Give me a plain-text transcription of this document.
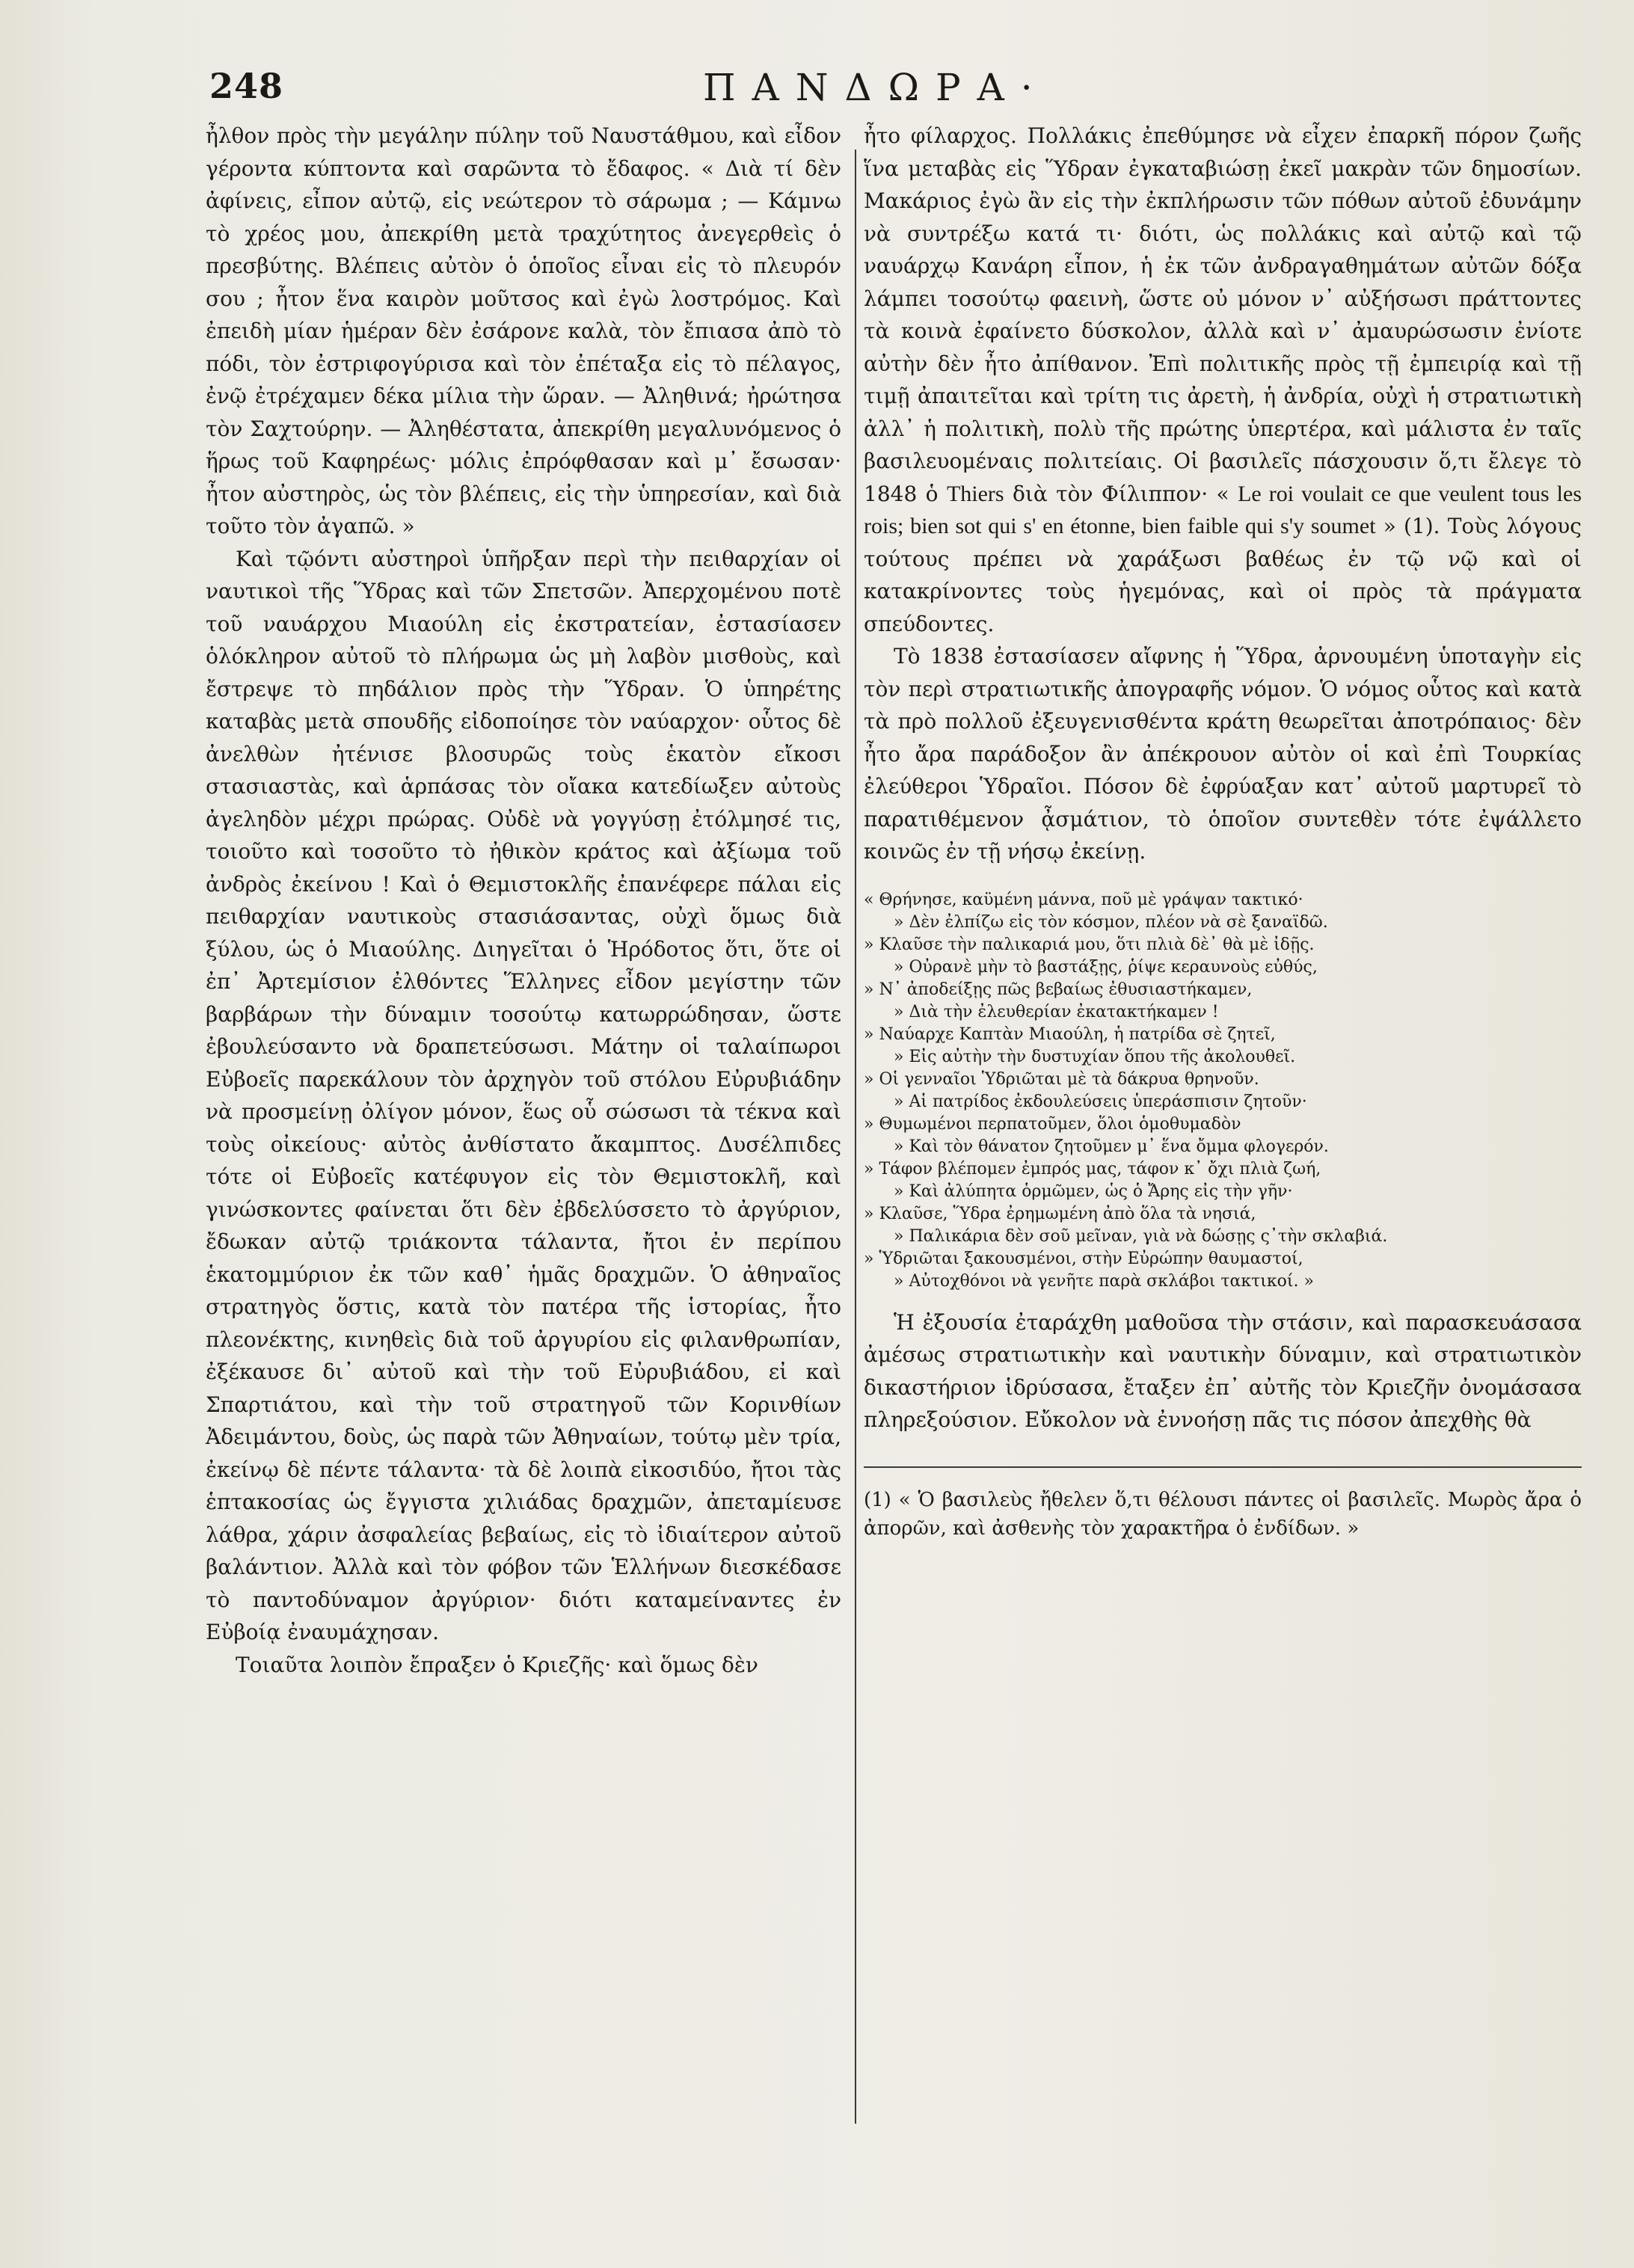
248	ΠΑΝΔΩΡΑ·

ἦλθον πρὸς τὴν μεγάλην πύλην τοῦ Ναυστάθμου, καὶ εἶδον γέροντα κύπτοντα καὶ σαρῶντα τὸ ἔδαφος. « Διὰ τί δὲν ἀφίνεις, εἶπον αὐτῷ, εἰς νεώτερον τὸ σάρωμα ; — Κάμνω τὸ χρέος μου, ἀπεκρίθη μετὰ τραχύτητος ἀνεγερθεὶς ὁ πρεσβύτης. Βλέπεις αὐτὸν ὁ ὁποῖος εἶναι εἰς τὸ πλευρόν σου ; ἦτον ἕνα καιρὸν μοῦτσος καὶ ἐγὼ λοστρόμος. Καὶ ἐπειδὴ μίαν ἡμέραν δὲν ἐσάρονε καλὰ, τὸν ἔπιασα ἀπὸ τὸ πόδι, τὸν ἐστριφογύρισα καὶ τὸν ἐπέταξα εἰς τὸ πέλαγος, ἐνῷ ἐτρέχαμεν δέκα μίλια τὴν ὥραν. — Ἀληθινά; ἠρώτησα τὸν Σαχτούρην. — Ἀληθέστατα, ἀπεκρίθη μεγαλυνόμενος ὁ ἥρως τοῦ Καφηρέως· μόλις ἐπρόφθασαν καὶ μ᾽ ἔσωσαν· ἦτον αὐστηρὸς, ὡς τὸν βλέπεις, εἰς τὴν ὑπηρεσίαν, καὶ διὰ τοῦτο τὸν ἀγαπῶ. »

Καὶ τῷόντι αὐστηροὶ ὑπῆρξαν περὶ τὴν πειθαρχίαν οἱ ναυτικοὶ τῆς Ὕδρας καὶ τῶν Σπετσῶν. Ἀπερχομένου ποτὲ τοῦ ναυάρχου Μιαούλη εἰς ἐκστρατείαν, ἐστασίασεν ὁλόκληρον αὐτοῦ τὸ πλήρωμα ὡς μὴ λαβὸν μισθοὺς, καὶ ἔστρεψε τὸ πηδάλιον πρὸς τὴν Ὕδραν. Ὁ ὑπηρέτης καταβὰς μετὰ σπουδῆς εἰδοποίησε τὸν ναύαρχον· οὗτος δὲ ἀνελθὼν ἠτένισε βλοσυρῶς τοὺς ἑκατὸν εἴκοσι στασιαστὰς, καὶ ἁρπάσας τὸν οἴακα κατεδίωξεν αὐτοὺς ἀγεληδὸν μέχρι πρώρας. Οὐδὲ νὰ γογγύσῃ ἐτόλμησέ τις, τοιοῦτο καὶ τοσοῦτο τὸ ἠθικὸν κράτος καὶ ἀξίωμα τοῦ ἀνδρὸς ἐκείνου ! Καὶ ὁ Θεμιστοκλῆς ἐπανέφερε πάλαι εἰς πειθαρχίαν ναυτικοὺς στασιάσαντας, οὐχὶ ὅμως διὰ ξύλου, ὡς ὁ Μιαούλης. Διηγεῖται ὁ Ἡρόδοτος ὅτι, ὅτε οἱ ἐπ᾽ Ἀρτεμίσιον ἐλθόντες Ἕλληνες εἶδον μεγίστην τῶν βαρβάρων τὴν δύναμιν τοσούτῳ κατωρρώδησαν, ὥστε ἐβουλεύσαντο νὰ δραπετεύσωσι. Μάτην οἱ ταλαίπωροι Εὐβοεῖς παρεκάλουν τὸν ἀρχηγὸν τοῦ στόλου Εὐρυβιάδην νὰ προσμείνῃ ὀλίγον μόνον, ἕως οὗ σώσωσι τὰ τέκνα καὶ τοὺς οἰκείους· αὐτὸς ἀνθίστατο ἄκαμπτος. Δυσέλπιδες τότε οἱ Εὐβοεῖς κατέφυγον εἰς τὸν Θεμιστοκλῆ, καὶ γινώσκοντες φαίνεται ὅτι δὲν ἐβδελύσσετο τὸ ἀργύριον, ἔδωκαν αὐτῷ τριάκοντα τάλαντα, ἤτοι ἐν περίπου ἑκατομμύριον ἐκ τῶν καθ᾽ ἡμᾶς δραχμῶν. Ὁ ἀθηναῖος στρατηγὸς ὅστις, κατὰ τὸν πατέρα τῆς ἱστορίας, ἦτο πλεονέκτης, κινηθεὶς διὰ τοῦ ἀργυρίου εἰς φιλανθρωπίαν, ἐξέκαυσε δι᾽ αὐτοῦ καὶ τὴν τοῦ Εὐρυβιάδου, εἰ καὶ Σπαρτιάτου, καὶ τὴν τοῦ στρατηγοῦ τῶν Κορινθίων Ἀδειμάντου, δοὺς, ὡς παρὰ τῶν Ἀθηναίων, τούτῳ μὲν τρία, ἐκείνῳ δὲ πέντε τάλαντα· τὰ δὲ λοιπὰ εἰκοσιδύο, ἤτοι τὰς ἑπτακοσίας ὡς ἔγγιστα χιλιάδας δραχμῶν, ἀπεταμίευσε λάθρα, χάριν ἀσφαλείας βεβαίως, εἰς τὸ ἰδιαίτερον αὐτοῦ βαλάντιον. Ἀλλὰ καὶ τὸν φόβον τῶν Ἑλλήνων διεσκέδασε τὸ παντοδύναμον ἀργύριον· διότι καταμείναντες ἐν Εὐβοίᾳ ἐναυμάχησαν.

Τοιαῦτα λοιπὸν ἔπραξεν ὁ Κριεζῆς· καὶ ὅμως δὲν

ἦτο φίλαρχος. Πολλάκις ἐπεθύμησε νὰ εἶχεν ἐπαρκῆ πόρον ζωῆς ἵνα μεταβὰς εἰς Ὕδραν ἐγκαταβιώσῃ ἐκεῖ μακρὰν τῶν δημοσίων. Μακάριος ἐγὼ ἂν εἰς τὴν ἐκπλήρωσιν τῶν πόθων αὐτοῦ ἐδυνάμην νὰ συντρέξω κατά τι· διότι, ὡς πολλάκις καὶ αὐτῷ καὶ τῷ ναυάρχῳ Κανάρη εἶπον, ἡ ἐκ τῶν ἀνδραγαθημάτων αὐτῶν δόξα λάμπει τοσούτῳ φαεινὴ, ὥστε οὐ μόνον ν᾽ αὐξήσωσι πράττοντες τὰ κοινὰ ἐφαίνετο δύσκολον, ἀλλὰ καὶ ν᾽ ἀμαυρώσωσιν ἐνίοτε αὐτὴν δὲν ἦτο ἀπίθανον. Ἐπὶ πολιτικῆς πρὸς τῇ ἐμπειρίᾳ καὶ τῇ τιμῇ ἀπαιτεῖται καὶ τρίτη τις ἀρετὴ, ἡ ἀνδρία, οὐχὶ ἡ στρατιωτικὴ ἀλλ᾽ ἡ πολιτικὴ, πολὺ τῆς πρώτης ὑπερτέρα, καὶ μάλιστα ἐν ταῖς βασιλευομέναις πολιτείαις. Οἱ βασιλεῖς πάσχουσιν ὅ,τι ἔλεγε τὸ 1848 ὁ Thiers διὰ τὸν Φίλιππον· « Le roi voulait ce que veulent tous les rois; bien sot qui s' en étonne, bien faible qui s'y soumet » (1). Τοὺς λόγους τούτους πρέπει νὰ χαράξωσι βαθέως ἐν τῷ νῷ καὶ οἱ κατακρίνοντες τοὺς ἡγεμόνας, καὶ οἱ πρὸς τὰ πράγματα σπεύδοντες.

Τὸ 1838 ἐστασίασεν αἴφνης ἡ Ὕδρα, ἀρνουμένη ὑποταγὴν εἰς τὸν περὶ στρατιωτικῆς ἀπογραφῆς νόμον. Ὁ νόμος οὗτος καὶ κατὰ τὰ πρὸ πολλοῦ ἐξευγενισθέντα κράτη θεωρεῖται ἀποτρόπαιος· δὲν ἦτο ἄρα παράδοξον ἂν ἀπέκρουον αὐτὸν οἱ καὶ ἐπὶ Τουρκίας ἐλεύθεροι Ὑδραῖοι. Πόσον δὲ ἐφρύαξαν κατ᾽ αὐτοῦ μαρτυρεῖ τὸ παρατιθέμενον ᾆσμάτιον, τὸ ὁποῖον συντεθὲν τότε ἐψάλλετο κοινῶς ἐν τῇ νήσῳ ἐκείνῃ.

« Θρήνησε, καϋμένη μάννα, ποῦ μὲ γράψαν τακτικό·
» Δὲν ἐλπίζω εἰς τὸν κόσμον, πλέον νὰ σὲ ξαναϊδῶ.
» Κλαῦσε τὴν παλικαριά μου, ὅτι πλιὰ δὲ᾽ θὰ μὲ ἰδῇς.
» Οὐρανὲ μὴν τὸ βαστάξῃς, ῥίψε κεραυνοὺς εὐθύς,
» Ν᾽ ἀποδείξῃς πῶς βεβαίως ἐθυσιαστήκαμεν,
» Διὰ τὴν ἐλευθερίαν ἐκατακτήκαμεν !
» Ναύαρχε Καπτὰν Μιαούλη, ἡ πατρίδα σὲ ζητεῖ,
» Εἰς αὐτὴν τὴν δυστυχίαν ὅπου τῆς ἀκολουθεῖ.
» Οἱ γενναῖοι Ὑδριῶται μὲ τὰ δάκρυα θρηνοῦν.
» Αἱ πατρίδος ἐκδουλεύσεις ὑπεράσπισιν ζητοῦν·
» Θυμωμένοι περπατοῦμεν, ὅλοι ὁμοθυμαδὸν
» Καὶ τὸν θάνατον ζητοῦμεν μ᾽ ἕνα ὄμμα φλογερόν.
» Τάφον βλέπομεν ἐμπρός μας, τάφον κ᾽ ὄχι πλιὰ ζωή,
» Καὶ ἀλύπητα ὁρμῶμεν, ὡς ὁ Ἄρης εἰς τὴν γῆν·
» Κλαῦσε, Ὕδρα ἐρημωμένη ἀπὸ ὅλα τὰ νησιά,
» Παλικάρια δὲν σοῦ μεῖναν, γιὰ νὰ δώσῃς ς᾽τὴν σκλαβιά.
» Ὑδριῶται ξακουσμένοι, στὴν Εὐρώπην θαυμαστοί,
» Αὐτοχθόνοι νὰ γενῆτε παρὰ σκλάβοι τακτικοί. »

Ἡ ἐξουσία ἐταράχθη μαθοῦσα τὴν στάσιν, καὶ παρασκευάσασα ἀμέσως στρατιωτικὴν καὶ ναυτικὴν δύναμιν, καὶ στρατιωτικὸν δικαστήριον ἱδρύσασα, ἔταξεν ἐπ᾽ αὐτῆς τὸν Κριεζῆν ὀνομάσασα πληρεξούσιον. Εὔκολον νὰ ἐννοήσῃ πᾶς τις πόσον ἀπεχθὴς θὰ

(1) « Ὁ βασιλεὺς ἤθελεν ὅ,τι θέλουσι πάντες οἱ βασιλεῖς. Μωρὸς ἄρα ὁ ἀπορῶν, καὶ ἀσθενὴς τὸν χαρακτῆρα ὁ ἐνδίδων. »
